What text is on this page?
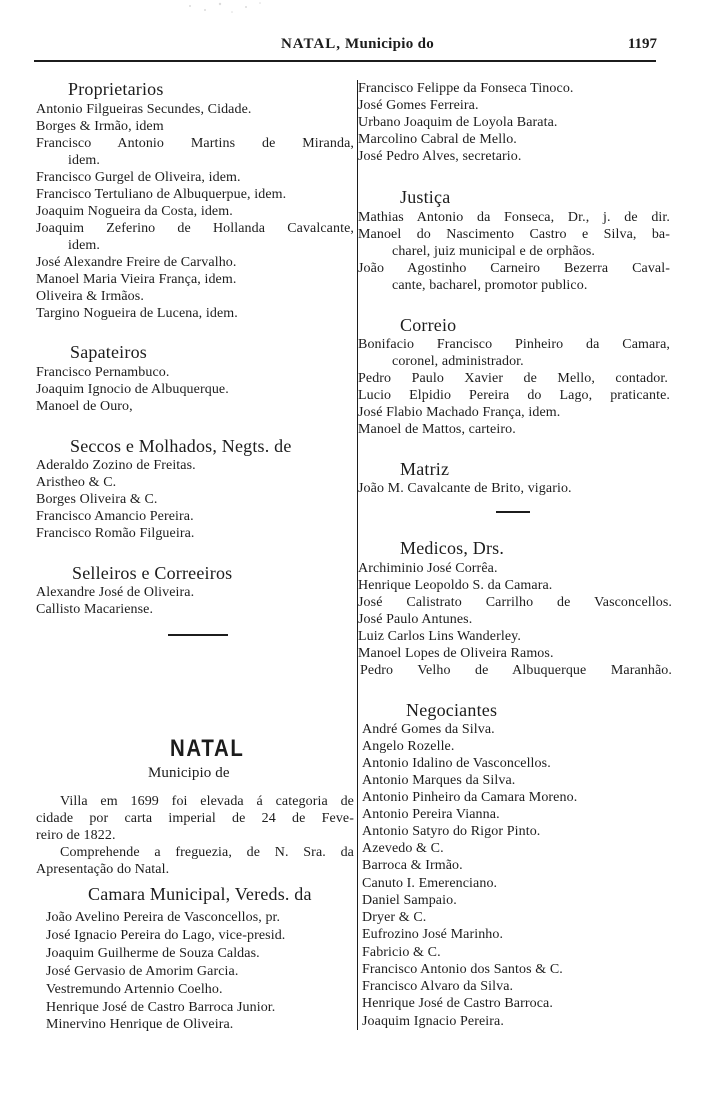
NATAL, Municipio do	1197
Proprietarios
Antonio Filgueiras Secundes, Cidade.
Borges & Irmão, idem
Francisco Antonio Martins de Miranda,
idem.
Francisco Gurgel de Oliveira, idem.
Francisco Tertuliano de Albuquerpue, idem.
Joaquim Nogueira da Costa, idem.
Joaquim Zeferino de Hollanda Cavalcante,
idem.
José Alexandre Freire de Carvalho.
Manoel Maria Vieira França, idem.
Oliveira & Irmãos.
Targino Nogueira de Lucena, idem.
Sapateiros
Francisco Pernambuco.
Joaquim Ignocio de Albuquerque.
Manoel de Ouro,
Seccos e Molhados, Negts. de
Aderaldo Zozino de Freitas.
Aristheo & C.
Borges Oliveira & C.
Francisco Amancio Pereira.
Francisco Romão Filgueira.
Selleiros e Correeiros
Alexandre José de Oliveira.
Callisto Macariense.
NATAL
Municipio de
Villa em 1699 foi elevada á categoria de
cidade por carta imperial de 24 de Feve-
reiro de 1822.
Comprehende a freguezia, de N. Sra. da
Apresentação do Natal.
Camara Municipal, Vereds. da
João Avelino Pereira de Vasconcellos, pr.
José Ignacio Pereira do Lago, vice-presid.
Joaquim Guilherme de Souza Caldas.
José Gervasio de Amorim Garcia.
Vestremundo Artennio Coelho.
Henrique José de Castro Barroca Junior.
Minervino Henrique de Oliveira.
Francisco Felippe da Fonseca Tinoco.
José Gomes Ferreira.
Urbano Joaquim de Loyola Barata.
Marcolino Cabral de Mello.
José Pedro Alves, secretario.
Justiça
Mathias Antonio da Fonseca, Dr., j. de dir.
Manoel do Nascimento Castro e Silva, ba-
charel, juiz municipal e de orphãos.
João Agostinho Carneiro Bezerra Caval-
cante, bacharel, promotor publico.
Correio
Bonifacio Francisco Pinheiro da Camara,
coronel, administrador.
Pedro Paulo Xavier de Mello, contador.
Lucio Elpidio Pereira do Lago, praticante.
José Flabio Machado França, idem.
Manoel de Mattos, carteiro.
Matriz
João M. Cavalcante de Brito, vigario.
Medicos, Drs.
Archiminio José Corrêa.
Henrique Leopoldo S. da Camara.
José Calistrato Carrilho de Vasconcellos.
José Paulo Antunes.
Luiz Carlos Lins Wanderley.
Manoel Lopes de Oliveira Ramos.
Pedro Velho de Albuquerque Maranhão.
Negociantes
André Gomes da Silva.
Angelo Rozelle.
Antonio Idalino de Vasconcellos.
Antonio Marques da Silva.
Antonio Pinheiro da Camara Moreno.
Antonio Pereira Vianna.
Antonio Satyro do Rigor Pinto.
Azevedo & C.
Barroca & Irmão.
Canuto I. Emerenciano.
Daniel Sampaio.
Dryer & C.
Eufrozino José Marinho.
Fabricio & C.
Francisco Antonio dos Santos & C.
Francisco Alvaro da Silva.
Henrique José de Castro Barroca.
Joaquim Ignacio Pereira.
